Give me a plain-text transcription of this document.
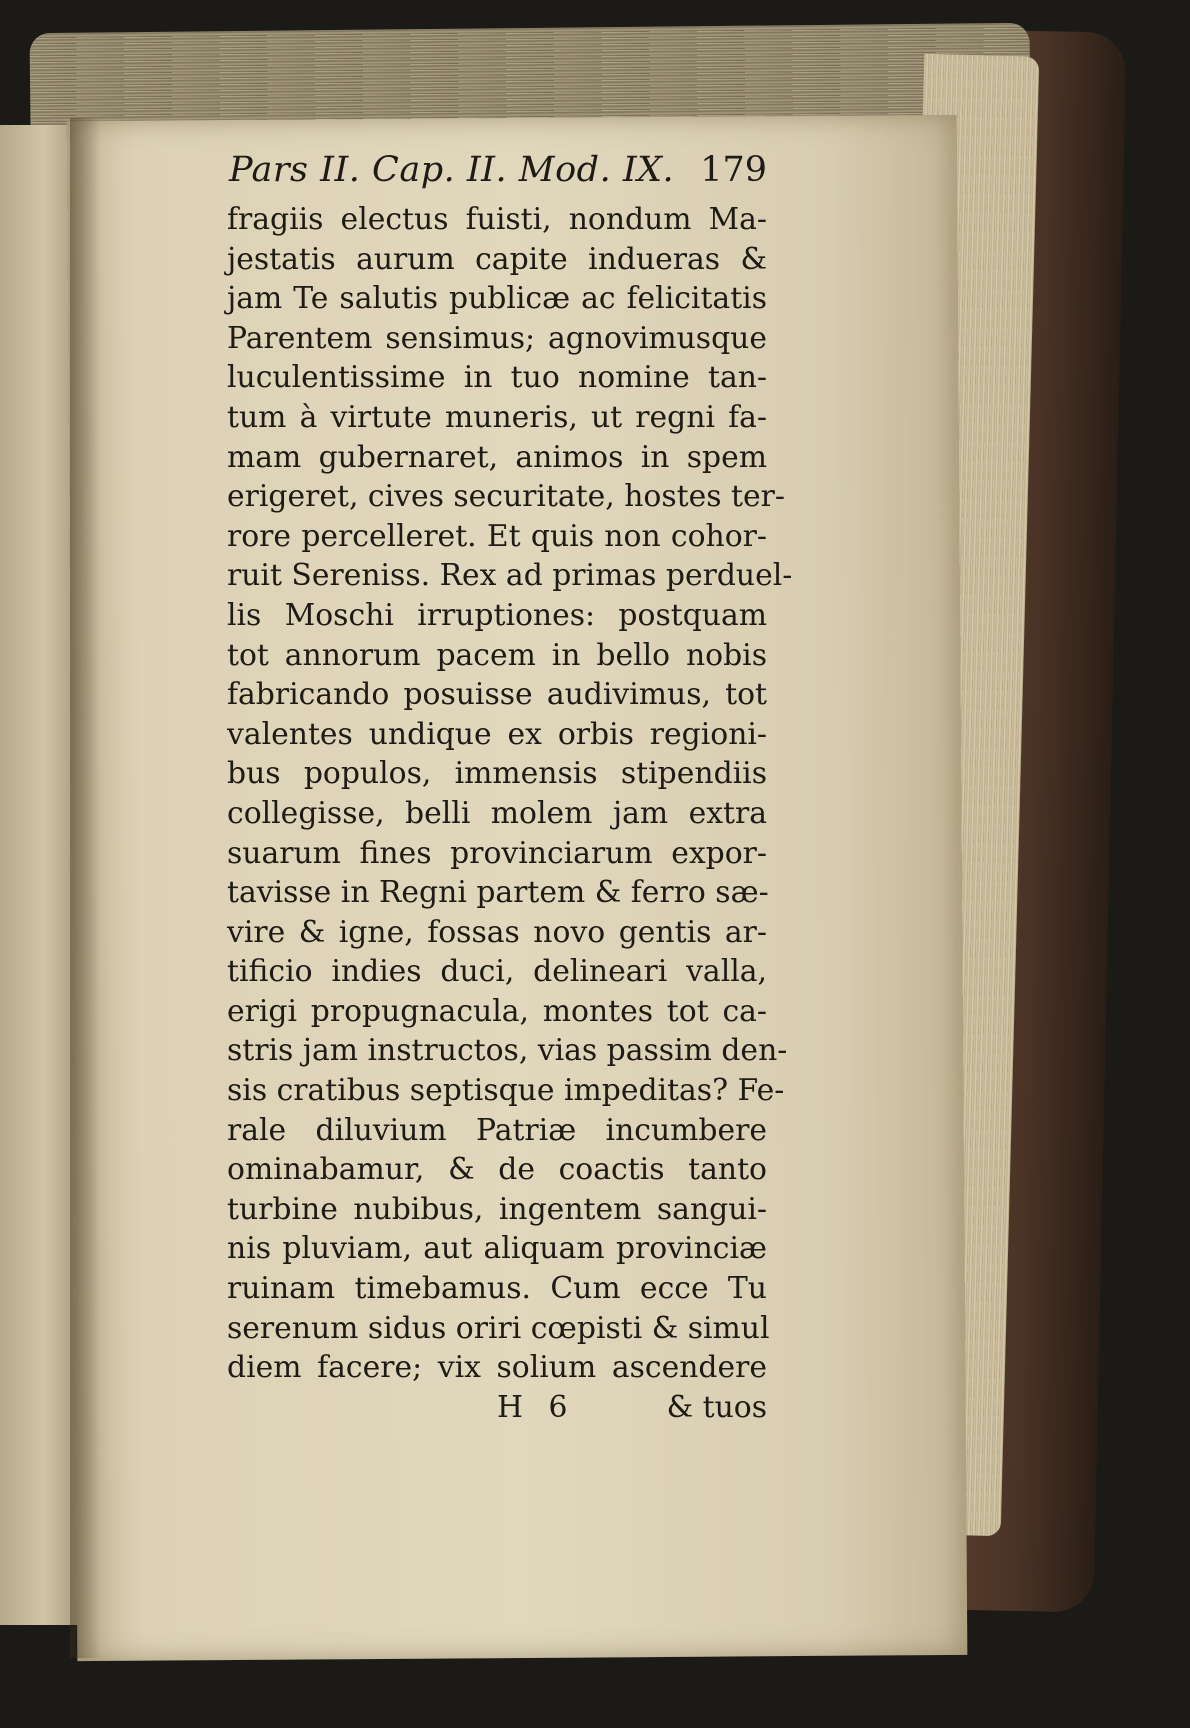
Pars II. Cap. II. Mod. IX. 179
fragiis electus fuisti, nondum Ma-
jestatis aurum capite indueras &
jam Te salutis publicæ ac felicitatis
Parentem sensimus; agnovimusque
luculentissime in tuo nomine tan-
tum à virtute muneris, ut regni fa-
mam gubernaret, animos in spem
erigeret, cives securitate, hostes ter-
rore percelleret. Et quis non cohor-
ruit Sereniss. Rex ad primas perduel-
lis Moschi irruptiones: postquam
tot annorum pacem in bello nobis
fabricando posuisse audivimus, tot
valentes undique ex orbis regioni-
bus populos, immensis stipendiis
collegisse, belli molem jam extra
suarum fines provinciarum expor-
tavisse in Regni partem & ferro sæ-
vire & igne, fossas novo gentis ar-
tificio indies duci, delineari valla,
erigi propugnacula, montes tot ca-
stris jam instructos, vias passim den-
sis cratibus septisque impeditas? Fe-
rale diluvium Patriæ incumbere
ominabamur, & de coactis tanto
turbine nubibus, ingentem sangui-
nis pluviam, aut aliquam provinciæ
ruinam timebamus. Cum ecce Tu
serenum sidus oriri cœpisti & simul
diem facere; vix solium ascendere
H 6	& tuos
